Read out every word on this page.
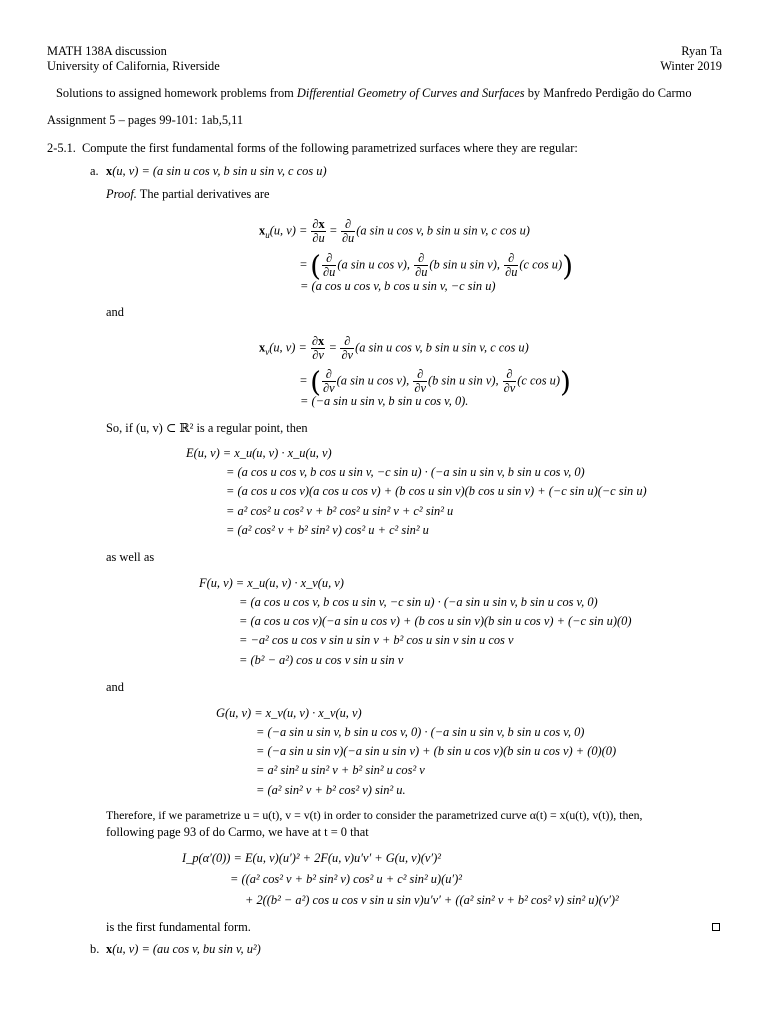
MATH 138A discussion
University of California, Riverside
Ryan Ta
Winter 2019
Solutions to assigned homework problems from Differential Geometry of Curves and Surfaces by Manfredo Perdigão do Carmo
Assignment 5 – pages 99-101: 1ab,5,11
2-5.1. Compute the first fundamental forms of the following parametrized surfaces where they are regular:
a. x(u, v) = (a sin u cos v, b sin u sin v, c cos u)
Proof. The partial derivatives are
$x_u(u$, $v) = \frac{\partial x}{\partial u} = \frac{\partial}{\partial u} (a$ sin u cos v, b sin u sin v, c cos u)
= ( $\frac{\partial}{\partial u} (a$ sin u cos v), $\frac{\partial}{\partial u} (b$ sin u sin v), $\frac{\partial}{\partial u} (c$ cos u))
= (a cos u cos v, b cos u sin v, −c sin u)
and
$x_v(u$, $v) = \frac{\partial x}{\partial v} = \frac{\partial}{\partial v} (a$ sin u cos v, b sin u sin v, c cos u)
= ( $\frac{\partial}{\partial v} (a$ sin u cos v), $\frac{\partial}{\partial v} (b$ sin u sin v), $\frac{\partial}{\partial v} (c$ cos u))
= (−a sin u sin v, b sin u cos v, 0).
So, if (u, v) ⊂ ℝ² is a regular point, then
E(u, v) = x_u(u, v) · x_u(u, v)
= (a cos u cos v, b cos u sin v, −c sin u) · (−a sin u sin v, b sin u cos v, 0)
= (a cos u cos v)(a cos u cos v) + (b cos u sin v)(b cos u sin v) + (−c sin u)(−c sin u)
= a² cos² u cos² v + b² cos² u sin² v + c² sin² u
= (a² cos² v + b² sin² v) cos² u + c² sin² u
as well as
F(u, v) = x_u(u, v) · x_v(u, v)
= (a cos u cos v, b cos u sin v, −c sin u) · (−a sin u sin v, b sin u cos v, 0)
= (a cos u cos v)(−a sin u cos v) + (b cos u sin v)(b sin u cos v) + (−c sin u)(0)
= −a² cos u cos v sin u sin v + b² cos u sin v sin u cos v
= (b² − a²) cos u cos v sin u sin v
and
G(u, v) = x_v(u, v) · x_v(u, v)
= (−a sin u sin v, b sin u cos v, 0) · (−a sin u sin v, b sin u cos v, 0)
= (−a sin u sin v)(−a sin u sin v) + (b sin u cos v)(b sin u cos v) + (0)(0)
= a² sin² u sin² v + b² sin² u cos² v
= (a² sin² v + b² cos² v) sin² u.
Therefore, if we parametrize u = u(t), v = v(t) in order to consider the parametrized curve α(t) = x(u(t), v(t)), then,
following page 93 of do Carmo, we have at t = 0 that
I_p(α′(0)) = E(u, v)(u′)² + 2F(u, v)u′v′ + G(u, v)(v′)²
= ((a² cos² v + b² sin² v) cos² u + c² sin² u)(u′)²
+ 2((b² − a²) cos u cos v sin u sin v)u′v′ + ((a² sin² v + b² cos² v) sin² u)(v′)²
is the first fundamental form.
b. x(u, v) = (au cos v, bu sin v, u²)
